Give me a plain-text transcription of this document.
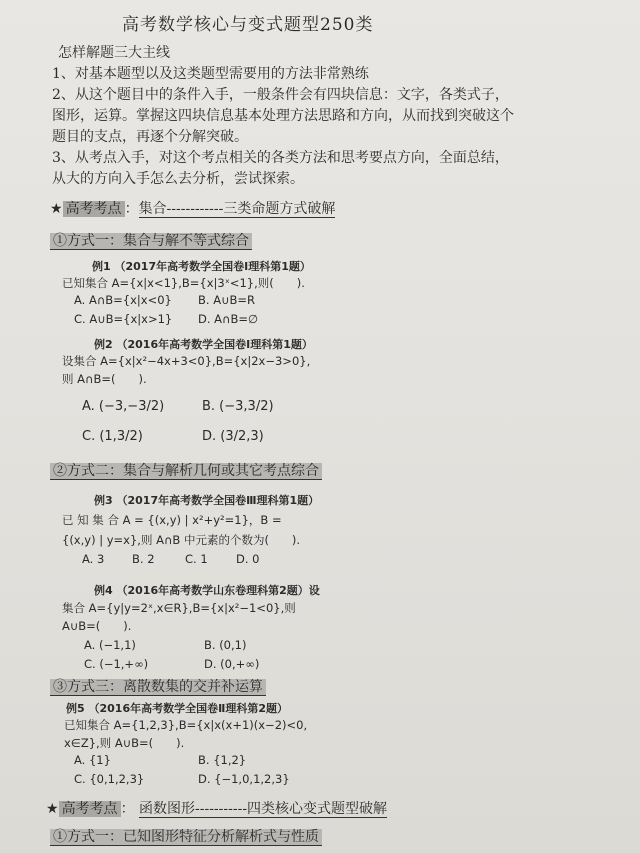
高考数学核心与变式题型250类
怎样解题三大主线
1、对基本题型以及这类题型需要用的方法非常熟练
2、从这个题目中的条件入手，一般条件会有四块信息：文字，各类式子，
图形，运算。掌握这四块信息基本处理方法思路和方向，从而找到突破这个
题目的支点，再逐个分解突破。
3、从考点入手，对这个考点相关的各类方法和思考要点方向，全面总结，
从大的方向入手怎么去分析，尝试探索。
★ 高考考点 ：集合------------三类命题方式破解
①方式一：集合与解不等式综合
例1 （2017年高考数学全国卷Ⅰ理科第1题）
已知集合 A={x|x<1},B={x|3ˣ<1},则(　　).
A. A∩B={x|x<0} B. A∪B=R
C. A∪B={x|x>1} D. A∩B=∅
例2 （2016年高考数学全国卷Ⅰ理科第1题）
设集合 A={x|x²−4x+3<0},B={x|2x−3>0},
则 A∩B=(　　).
A. (−3,−3/2)	B. (−3,3/2)
C. (1,3/2)	D. (3/2,3)
②方式二：集合与解析几何或其它考点综合
例3 （2017年高考数学全国卷Ⅲ理科第1题）
已 知 集 合 A = {(x,y) | x²+y²=1}，B =
{(x,y) | y=x},则 A∩B 中元素的个数为(　　).
A. 3 B. 2	C. 1 D. 0
例4 （2016年高考数学山东卷理科第2题）设
集合 A={y|y=2ˣ,x∈R},B={x|x²−1<0},则
A∪B=(　　).
A. (−1,1)	B. (0,1)
C. (−1,+∞)	D. (0,+∞)
③方式三：离散数集的交并补运算
例5 （2016年高考数学全国卷Ⅱ理科第2题）
已知集合 A={1,2,3},B={x|x(x+1)(x−2)<0,
x∈Z},则 A∪B=(　　).
A. {1}	B. {1,2}
C. {0,1,2,3}	D. {−1,0,1,2,3}
★ 高考考点 ： 函数图形-----------四类核心变式题型破解
①方式一：已知图形特征分析解析式与性质
